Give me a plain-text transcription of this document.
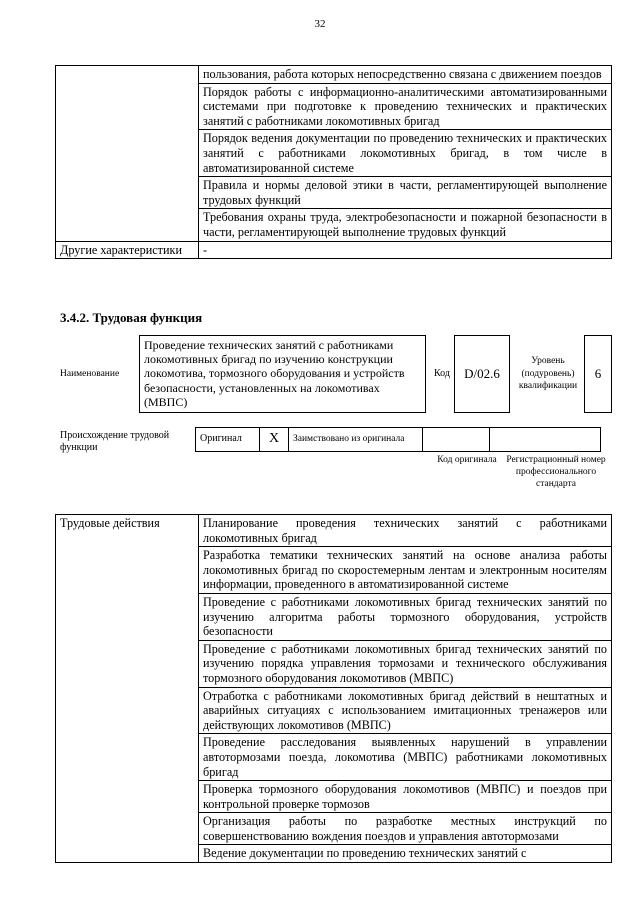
32
	пользования, работа которых непосредственно связана с движением поездов
	Порядок работы с информационно-аналитическими автоматизированными системами при подготовке к проведению технических и практических занятий с работниками локомотивных бригад
	Порядок ведения документации по проведению технических и практических занятий с работниками локомотивных бригад, в том числе в автоматизированной системе
	Правила и нормы деловой этики в части, регламентирующей выполнение трудовых функций
	Требования охраны труда, электробезопасности и пожарной безопасности в части, регламентирующей выполнение трудовых функций
Другие характеристики	-
3.4.2. Трудовая функция
Наименование
Проведение технических занятий с работниками локомотивных бригад по изучению конструкции локомотива, тормозного оборудования и устройств безопасности, установленных на локомотивах (МВПС)
Код	D/02.6
Уровень (подуровень) квалификации
6
Происхождение трудовой функции
Оригинал	X	Заимствовано из оригинала		
Код оригинала	Регистрационный номер профессионального стандарта
Трудовые действия	Планирование проведения технических занятий с работниками локомотивных бригад
Разработка тематики технических занятий на основе анализа работы локомотивных бригад по скоростемерным лентам и электронным носителям информации, проведенного в автоматизированной системе
Проведение с работниками локомотивных бригад технических занятий по изучению алгоритма работы тормозного оборудования, устройств безопасности
Проведение с работниками локомотивных бригад технических занятий по изучению порядка управления тормозами и технического обслуживания тормозного оборудования локомотивов (МВПС)
Отработка с работниками локомотивных бригад действий в нештатных и аварийных ситуациях с использованием имитационных тренажеров или действующих локомотивов (МВПС)
Проведение расследования выявленных нарушений в управлении автотормозами поезда, локомотива (МВПС) работниками локомотивных бригад
Проверка тормозного оборудования локомотивов (МВПС) и поездов при контрольной проверке тормозов
Организация работы по разработке местных инструкций по совершенствованию вождения поездов и управления автотормозами
Ведение документации по проведению технических занятий с
